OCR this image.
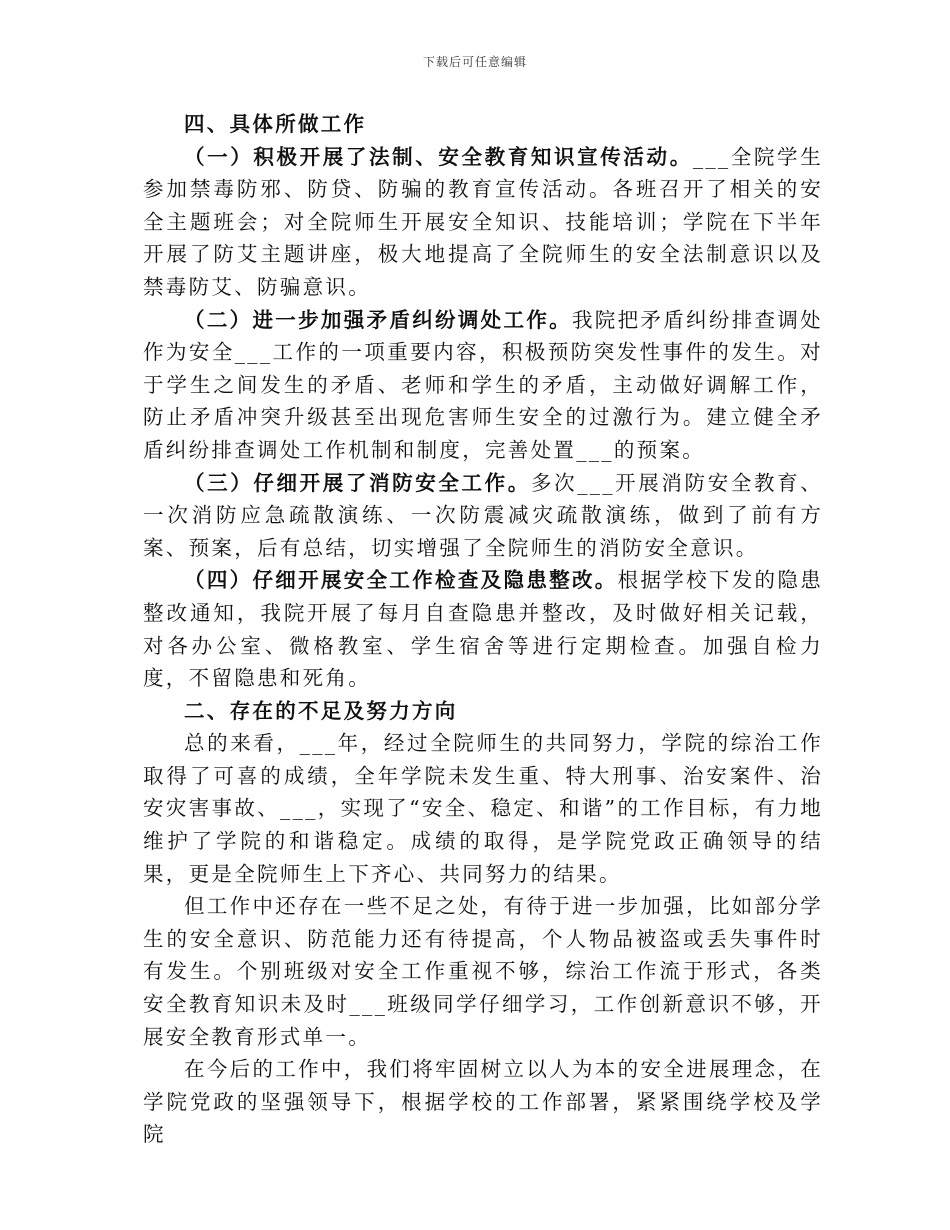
下载后可任意编辑

四、具体所做工作

（一）积极开展了法制、安全教育知识宣传活动。___全院学生参加禁毒防邪、防贷、防骗的教育宣传活动。各班召开了相关的安全主题班会；对全院师生开展安全知识、技能培训；学院在下半年开展了防艾主题讲座，极大地提高了全院师生的安全法制意识以及禁毒防艾、防骗意识。

（二）进一步加强矛盾纠纷调处工作。我院把矛盾纠纷排查调处作为安全___工作的一项重要内容，积极预防突发性事件的发生。对于学生之间发生的矛盾、老师和学生的矛盾，主动做好调解工作，防止矛盾冲突升级甚至出现危害师生安全的过激行为。建立健全矛盾纠纷排查调处工作机制和制度，完善处置___的预案。

（三）仔细开展了消防安全工作。多次___开展消防安全教育、一次消防应急疏散演练、一次防震减灾疏散演练，做到了前有方案、预案，后有总结，切实增强了全院师生的消防安全意识。

（四）仔细开展安全工作检查及隐患整改。根据学校下发的隐患整改通知，我院开展了每月自查隐患并整改，及时做好相关记载，对各办公室、微格教室、学生宿舍等进行定期检查。加强自检力度，不留隐患和死角。

二、存在的不足及努力方向

总的来看，___年，经过全院师生的共同努力，学院的综治工作取得了可喜的成绩，全年学院未发生重、特大刑事、治安案件、治安灾害事故、___，实现了“安全、稳定、和谐”的工作目标，有力地维护了学院的和谐稳定。成绩的取得，是学院党政正确领导的结果，更是全院师生上下齐心、共同努力的结果。

但工作中还存在一些不足之处，有待于进一步加强，比如部分学生的安全意识、防范能力还有待提高，个人物品被盗或丢失事件时有发生。个别班级对安全工作重视不够，综治工作流于形式，各类安全教育知识未及时___班级同学仔细学习，工作创新意识不够，开展安全教育形式单一。

在今后的工作中，我们将牢固树立以人为本的安全进展理念，在学院党政的坚强领导下，根据学校的工作部署，紧紧围绕学校及学院
